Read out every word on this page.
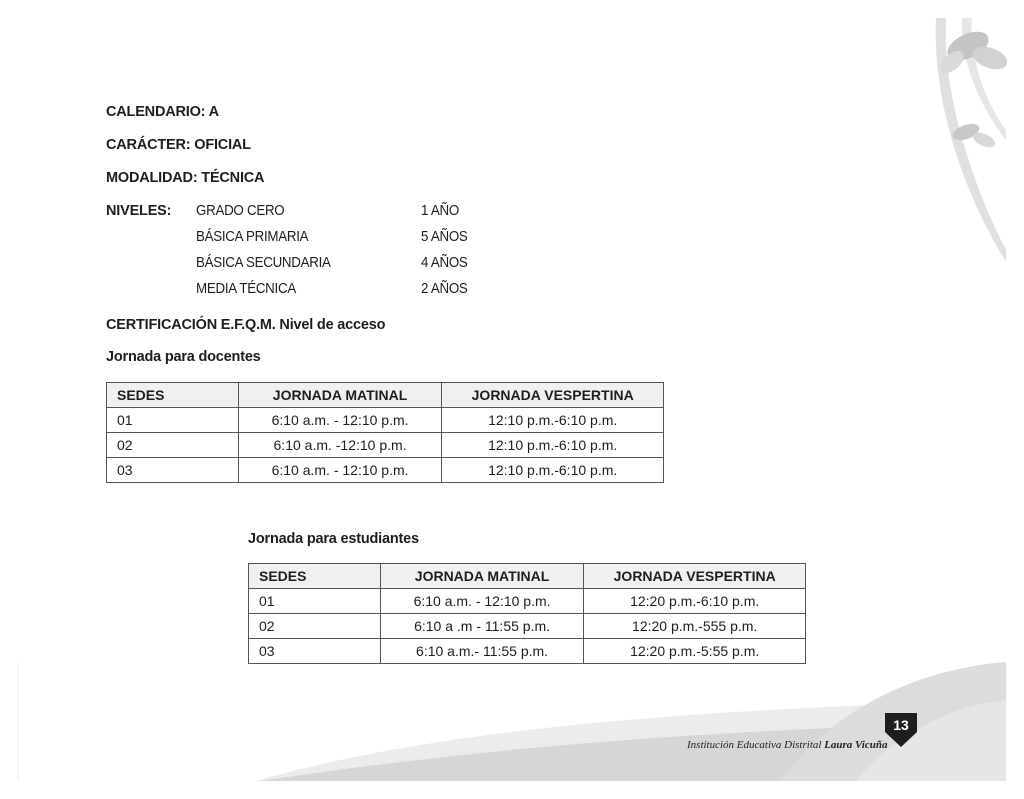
CALENDARIO: A
CARÁCTER: OFICIAL
MODALIDAD: TÉCNICA
NIVELES: GRADO CERO	1 AÑO
BÁSICA PRIMARIA	5 AÑOS
BÁSICA SECUNDARIA	4 AÑOS
MEDIA TÉCNICA	2 AÑOS
CERTIFICACIÓN E.F.Q.M. Nivel de acceso
Jornada para docentes
SEDES	JORNADA MATINAL	JORNADA VESPERTINA
01	6:10 a.m. - 12:10 p.m.	12:10 p.m.-6:10 p.m.
02	6:10 a.m. -12:10 p.m.	12:10 p.m.-6:10 p.m.
03	6:10 a.m. - 12:10 p.m.	12:10 p.m.-6:10 p.m.
Jornada para estudiantes
SEDES	JORNADA MATINAL	JORNADA VESPERTINA
01	6:10 a.m. - 12:10 p.m.	12:20 p.m.-6:10 p.m.
02	6:10 a .m - 11:55 p.m.	12:20 p.m.-555 p.m.
03	6:10 a.m.- 11:55 p.m.	12:20 p.m.-5:55 p.m.
Institución Educativa Distrital Laura Vicuña
13
